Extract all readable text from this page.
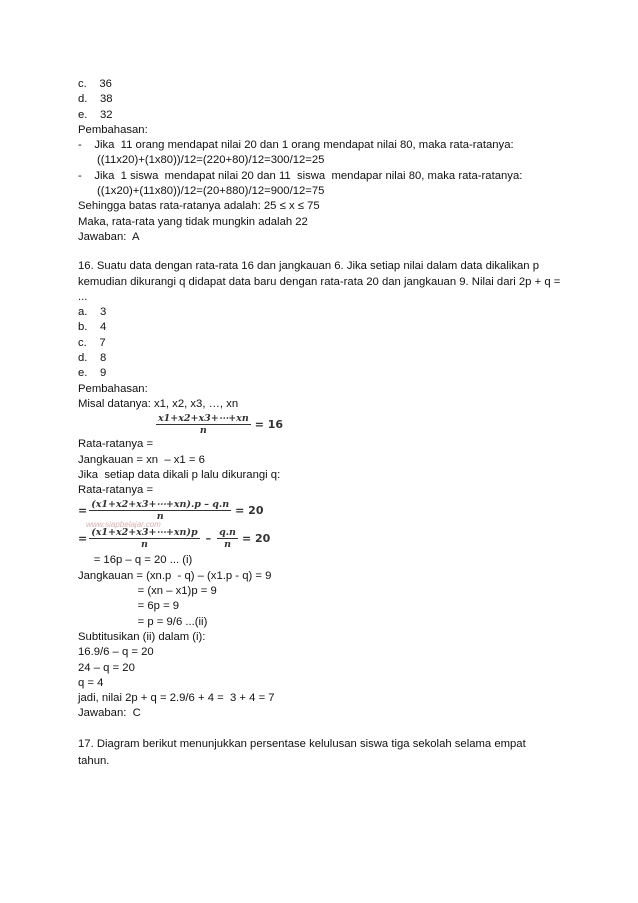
c.    36
d.    38
e.    32
Pembahasan:
-    Jika  11 orang mendapat nilai 20 dan 1 orang mendapat nilai 80, maka rata-ratanya:
((11x20)+(1x80))/12=(220+80)/12=300/12=25
-    Jika  1 siswa  mendapat nilai 20 dan 11  siswa  mendapar nilai 80, maka rata-ratanya:
((1x20)+(11x80))/12=(20+880)/12=900/12=75
Sehingga batas rata-ratanya adalah: 25 ≤ x ≤ 75
Maka, rata-rata yang tidak mungkin adalah 22
Jawaban:  A
16. Suatu data dengan rata-rata 16 dan jangkauan 6. Jika setiap nilai dalam data dikalikan p kemudian dikurangi q didapat data baru dengan rata-rata 20 dan jangkauan 9. Nilai dari 2p + q = ...
a.    3
b.    4
c.    7
d.    8
e.    9
Pembahasan:
Misal datanya: x1, x2, x3, …, xn
$\frac{x1+x2+x3+\cdots+xn}{n} = 16$
Rata-ratanya =
Jangkauan = xn  – x1 = 6
Jika  setiap data dikali p lalu dikurangi q:
Rata-ratanya =
= $\frac{(x1+x2+x3+\cdots+xn).p - q.n}{n} = 20$
www.siapbelajar.com
= $\frac{(x1+x2+x3+\cdots+xn)p}{n} - \frac{q.n}{n} = 20$
= 16p – q = 20 ... (i)
Jangkauan = (xn.p  - q) – (x1.p - q) = 9
= (xn – x1)p = 9
= 6p = 9
= p = 9/6 ...(ii)
Subtitusikan (ii) dalam (i):
16.9/6 – q = 20
24 – q = 20
q = 4
jadi, nilai 2p + q = 2.9/6 + 4 =  3 + 4 = 7
Jawaban:  C
17. Diagram berikut menunjukkan persentase kelulusan siswa tiga sekolah selama empat tahun.
